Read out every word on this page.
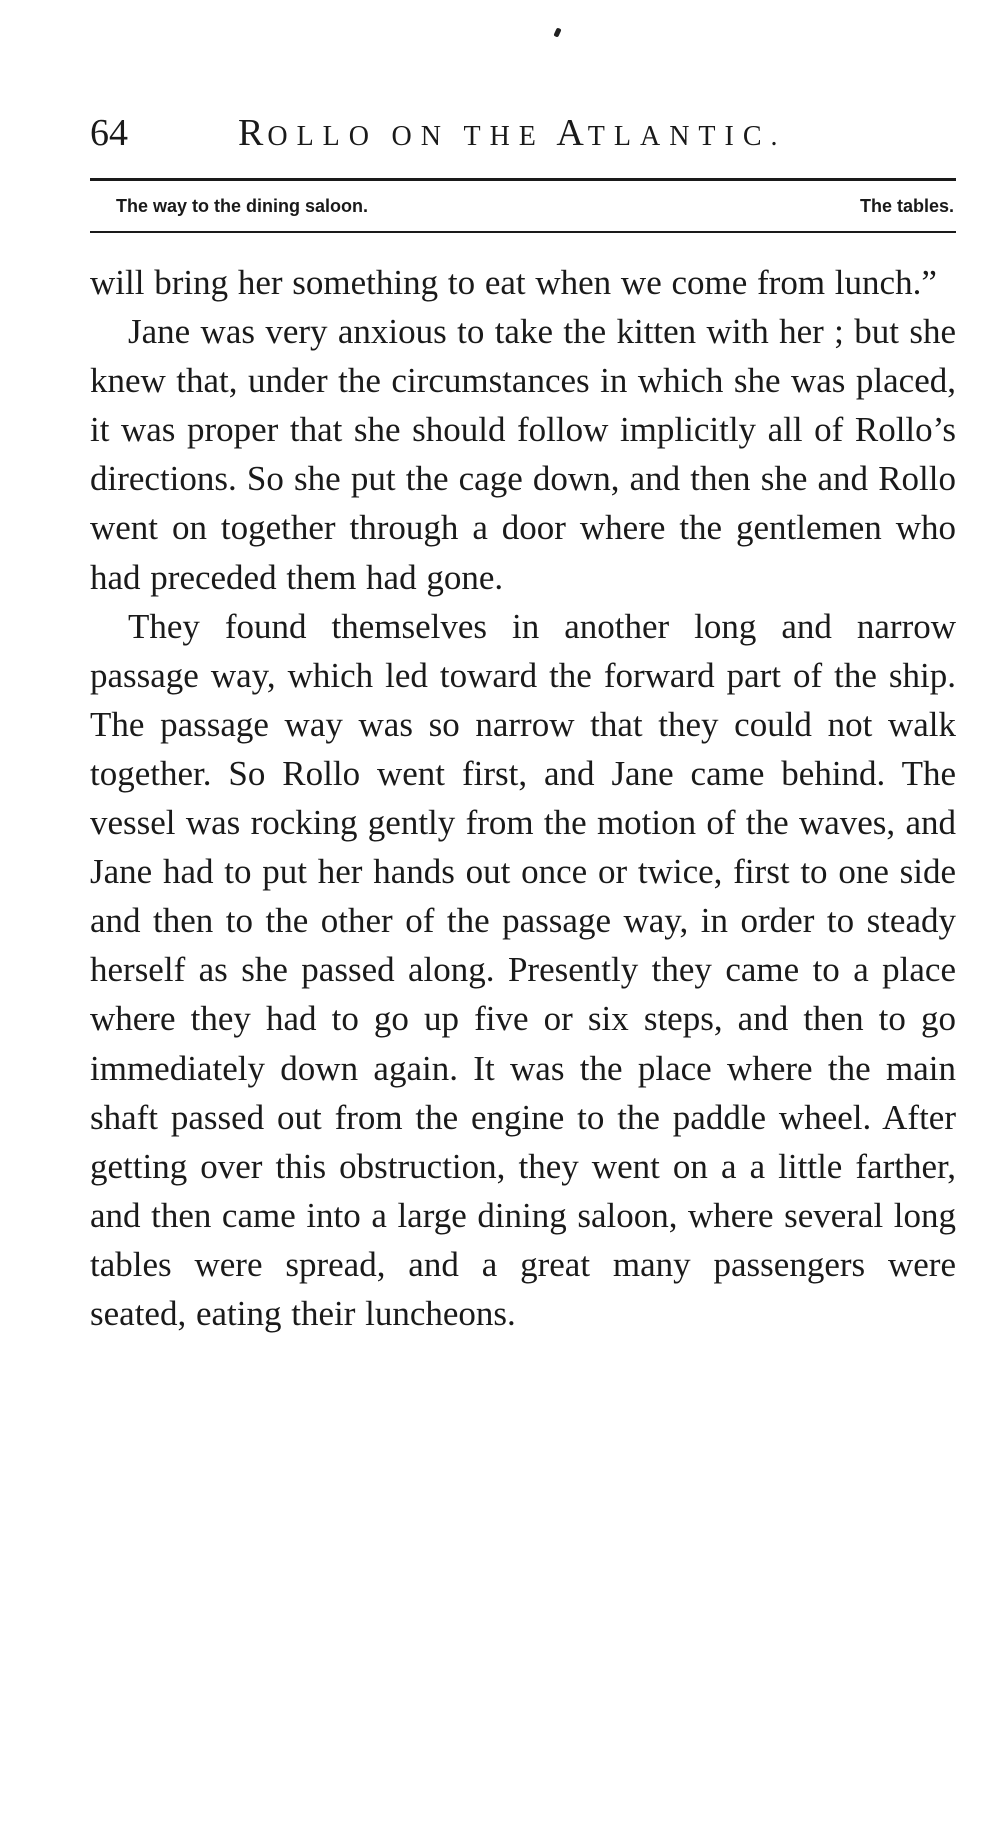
64	ROLLO ON THE ATLANTIC.
The way to the dining saloon.	The tables.

will bring her something to eat when we come from lunch.”

Jane was very anxious to take the kitten with her ; but she knew that, under the circumstances in which she was placed, it was proper that she should follow implicitly all of Rollo’s directions. So she put the cage down, and then she and Rollo went on together through a door where the gentlemen who had preceded them had gone.

They found themselves in another long and narrow passage way, which led toward the forward part of the ship. The passage way was so narrow that they could not walk together. So Rollo went first, and Jane came behind. The vessel was rocking gently from the motion of the waves, and Jane had to put her hands out once or twice, first to one side and then to the other of the passage way, in order to steady herself as she passed along. Presently they came to a place where they had to go up five or six steps, and then to go immediately down again. It was the place where the main shaft passed out from the engine to the paddle wheel. After getting over this obstruction, they went on a a little farther, and then came into a large dining saloon, where several long tables were spread, and a great many passengers were seated, eating their luncheons.
